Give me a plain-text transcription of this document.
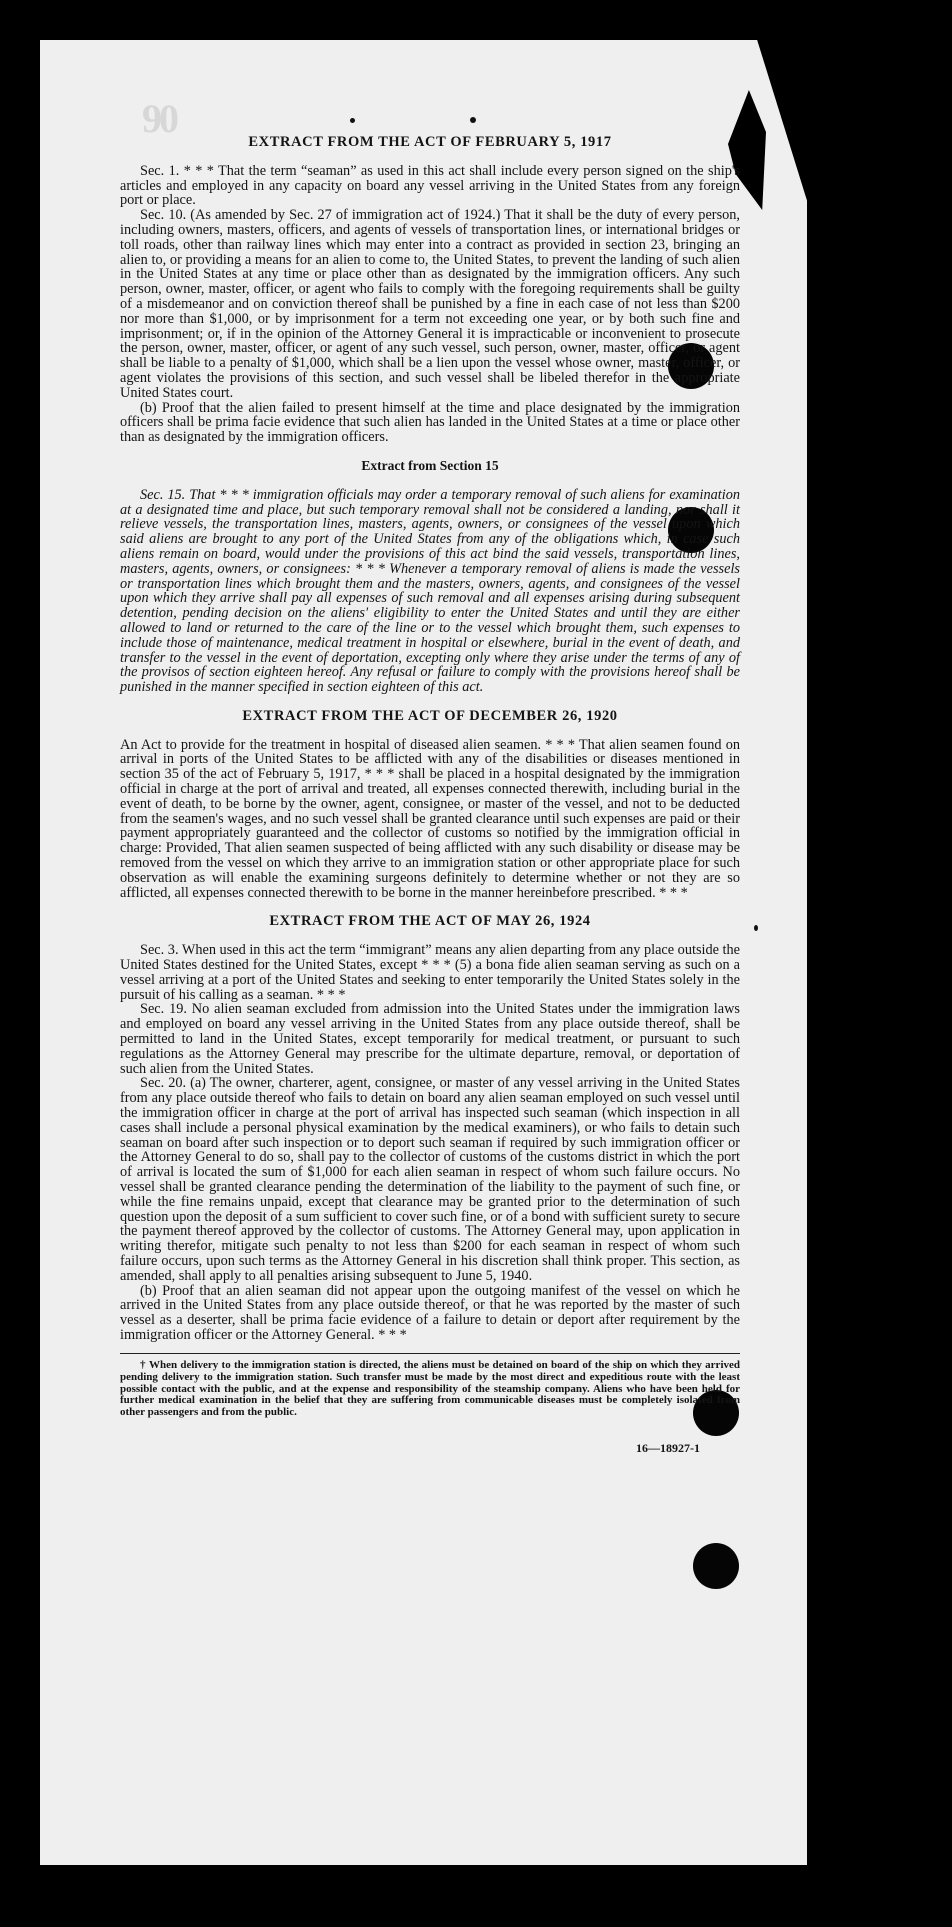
90
EXTRACT FROM THE ACT OF FEBRUARY 5, 1917

Sec. 1. * * * That the term “seaman” as used in this act shall include every person signed on the ship's articles and employed in any capacity on board any vessel arriving in the United States from any foreign port or place.

Sec. 10. (As amended by Sec. 27 of immigration act of 1924.) That it shall be the duty of every person, including owners, masters, officers, and agents of vessels of transportation lines, or international bridges or toll roads, other than railway lines which may enter into a contract as provided in section 23, bringing an alien to, or providing a means for an alien to come to, the United States, to prevent the landing of such alien in the United States at any time or place other than as designated by the immigration officers. Any such person, owner, master, officer, or agent who fails to comply with the foregoing requirements shall be guilty of a misdemeanor and on conviction thereof shall be punished by a fine in each case of not less than $200 nor more than $1,000, or by imprisonment for a term not exceeding one year, or by both such fine and imprisonment; or, if in the opinion of the Attorney General it is impracticable or inconvenient to prosecute the person, owner, master, officer, or agent of any such vessel, such person, owner, master, officer, or agent shall be liable to a penalty of $1,000, which shall be a lien upon the vessel whose owner, master, officer, or agent violates the provisions of this section, and such vessel shall be libeled therefor in the appropriate United States court.

(b) Proof that the alien failed to present himself at the time and place designated by the immigration officers shall be prima facie evidence that such alien has landed in the United States at a time or place other than as designated by the immigration officers.

Extract from Section 15

Sec. 15. That * * * immigration officials may order a temporary removal of such aliens for examination at a designated time and place, but such temporary removal shall not be considered a landing, nor shall it relieve vessels, the transportation lines, masters, agents, owners, or consignees of the vessel upon which said aliens are brought to any port of the United States from any of the obligations which, in case such aliens remain on board, would under the provisions of this act bind the said vessels, transportation lines, masters, agents, owners, or consignees: * * * Whenever a temporary removal of aliens is made the vessels or transportation lines which brought them and the masters, owners, agents, and consignees of the vessel upon which they arrive shall pay all expenses of such removal and all expenses arising during subsequent detention, pending decision on the aliens' eligibility to enter the United States and until they are either allowed to land or returned to the care of the line or to the vessel which brought them, such expenses to include those of maintenance, medical treatment in hospital or elsewhere, burial in the event of death, and transfer to the vessel in the event of deportation, excepting only where they arise under the terms of any of the provisos of section eighteen hereof. Any refusal or failure to comply with the provisions hereof shall be punished in the manner specified in section eighteen of this act.

EXTRACT FROM THE ACT OF DECEMBER 26, 1920

An Act to provide for the treatment in hospital of diseased alien seamen. * * * That alien seamen found on arrival in ports of the United States to be afflicted with any of the disabilities or diseases mentioned in section 35 of the act of February 5, 1917, * * * shall be placed in a hospital designated by the immigration official in charge at the port of arrival and treated, all expenses connected therewith, including burial in the event of death, to be borne by the owner, agent, consignee, or master of the vessel, and not to be deducted from the seamen's wages, and no such vessel shall be granted clearance until such expenses are paid or their payment appropriately guaranteed and the collector of customs so notified by the immigration official in charge: Provided, That alien seamen suspected of being afflicted with any such disability or disease may be removed from the vessel on which they arrive to an immigration station or other appropriate place for such observation as will enable the examining surgeons definitely to determine whether or not they are so afflicted, all expenses connected therewith to be borne in the manner hereinbefore prescribed. * * *

EXTRACT FROM THE ACT OF MAY 26, 1924

Sec. 3. When used in this act the term “immigrant” means any alien departing from any place outside the United States destined for the United States, except * * * (5) a bona fide alien seaman serving as such on a vessel arriving at a port of the United States and seeking to enter temporarily the United States solely in the pursuit of his calling as a seaman. * * *

Sec. 19. No alien seaman excluded from admission into the United States under the immigration laws and employed on board any vessel arriving in the United States from any place outside thereof, shall be permitted to land in the United States, except temporarily for medical treatment, or pursuant to such regulations as the Attorney General may prescribe for the ultimate departure, removal, or deportation of such alien from the United States.

Sec. 20. (a) The owner, charterer, agent, consignee, or master of any vessel arriving in the United States from any place outside thereof who fails to detain on board any alien seaman employed on such vessel until the immigration officer in charge at the port of arrival has inspected such seaman (which inspection in all cases shall include a personal physical examination by the medical examiners), or who fails to detain such seaman on board after such inspection or to deport such seaman if required by such immigration officer or the Attorney General to do so, shall pay to the collector of customs of the customs district in which the port of arrival is located the sum of $1,000 for each alien seaman in respect of whom such failure occurs. No vessel shall be granted clearance pending the determination of the liability to the payment of such fine, or while the fine remains unpaid, except that clearance may be granted prior to the determination of such question upon the deposit of a sum sufficient to cover such fine, or of a bond with sufficient surety to secure the payment thereof approved by the collector of customs. The Attorney General may, upon application in writing therefor, mitigate such penalty to not less than $200 for each seaman in respect of whom such failure occurs, upon such terms as the Attorney General in his discretion shall think proper. This section, as amended, shall apply to all penalties arising subsequent to June 5, 1940.

(b) Proof that an alien seaman did not appear upon the outgoing manifest of the vessel on which he arrived in the United States from any place outside thereof, or that he was reported by the master of such vessel as a deserter, shall be prima facie evidence of a failure to detain or deport after requirement by the immigration officer or the Attorney General. * * *

† When delivery to the immigration station is directed, the aliens must be detained on board of the ship on which they arrived pending delivery to the immigration station. Such transfer must be made by the most direct and expeditious route with the least possible contact with the public, and at the expense and responsibility of the steamship company. Aliens who have been held for further medical examination in the belief that they are suffering from communicable diseases must be completely isolated from other passengers and from the public.

16—18927-1
